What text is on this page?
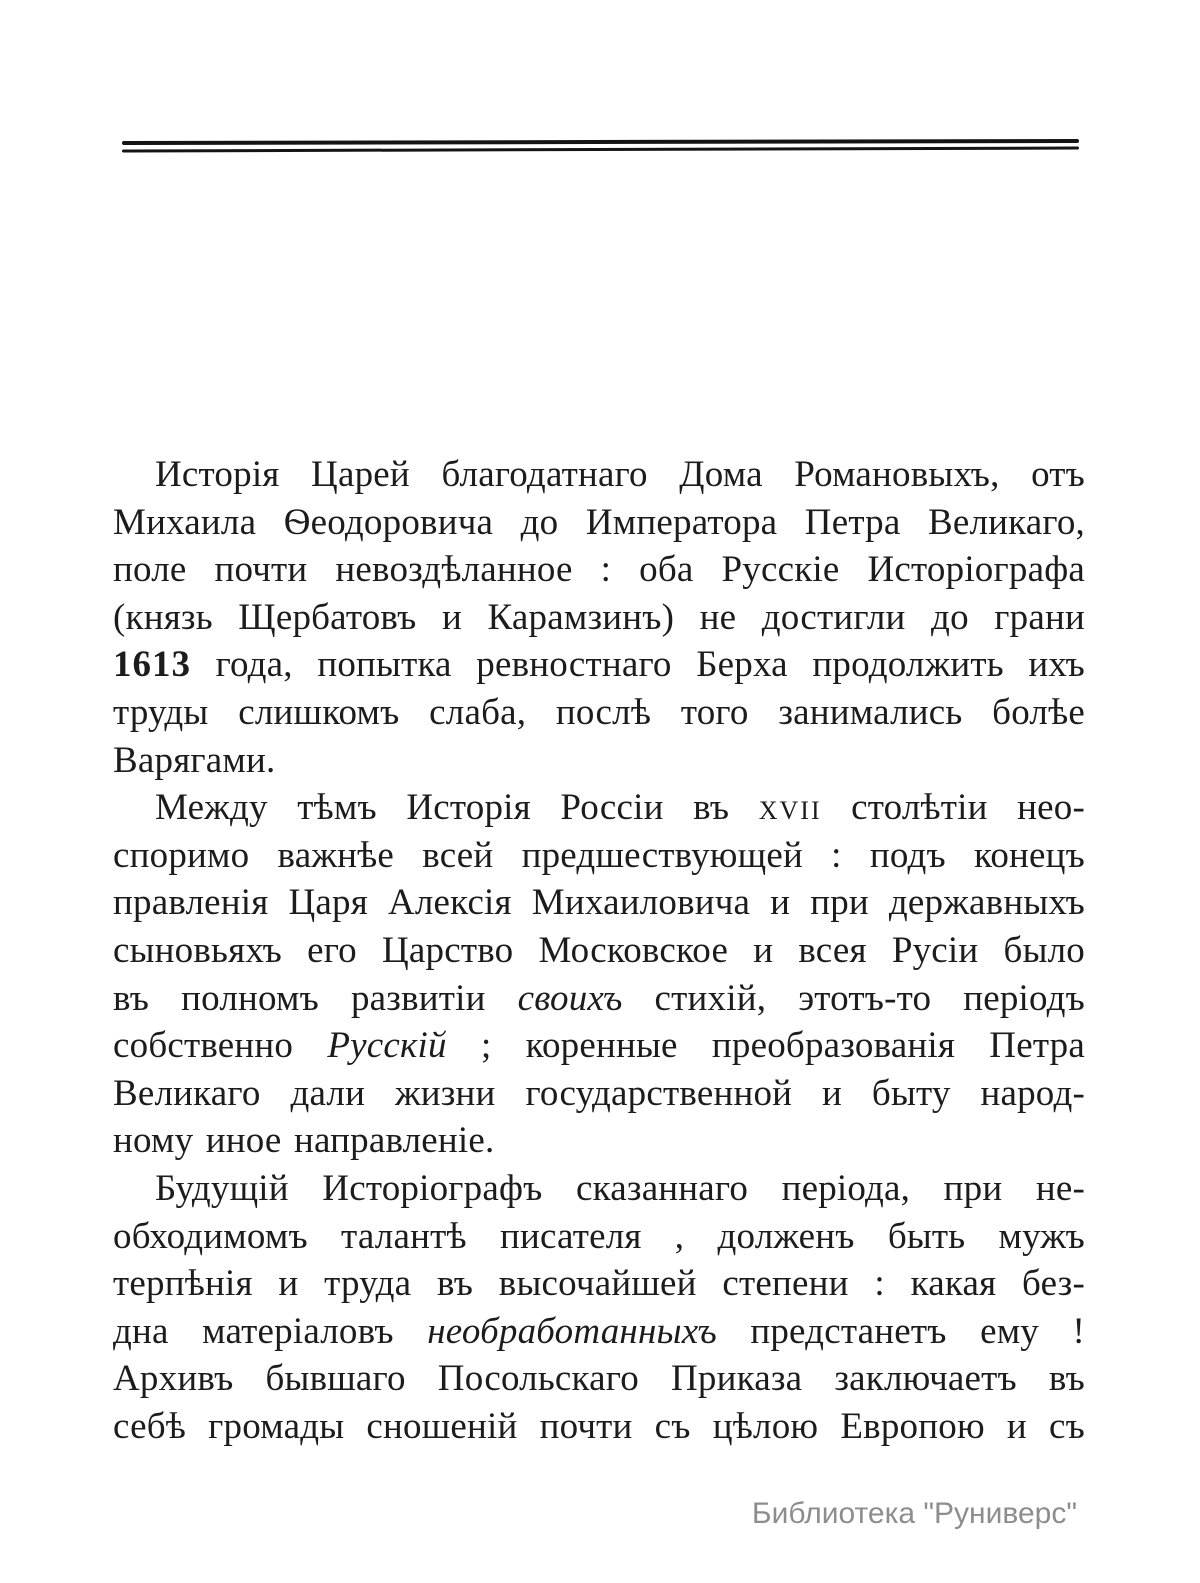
Исторія Царей благодатнаго Дома Романовыхъ, отъ
Михаила Ѳеодоровича до Императора Петра Великаго,
поле почти невоздѣланное : оба Русскіе Исторіографа
(князь Щербатовъ и Карамзинъ) не достигли до грани
1613 года, попытка ревностнаго Берха продолжить ихъ
труды слишкомъ слаба, послѣ того занимались болѣе
Варягами.
Между тѣмъ Исторія Россіи въ xvii столѣтіи нео-
споримо важнѣе всей предшествующей : подъ конецъ
правленія Царя Алексія Михаиловича и при державныхъ
сыновьяхъ его Царство Московское и всея Русіи было
въ полномъ развитіи своихъ стихій, этотъ-то періодъ
собственно Русскій ; коренные преобразованія Петра
Великаго дали жизни государственной и быту народ-
ному иное направленіе.
Будущій Исторіографъ сказаннаго періода, при не-
обходимомъ талантѣ писателя , долженъ быть мужъ
терпѣнія и труда въ высочайшей степени : какая без-
дна матеріаловъ необработанныхъ предстанетъ ему !
Архивъ бывшаго Посольскаго Приказа заключаетъ въ
себѣ громады сношеній почти съ цѣлою Европою и съ
Библиотека "Руниверс"
